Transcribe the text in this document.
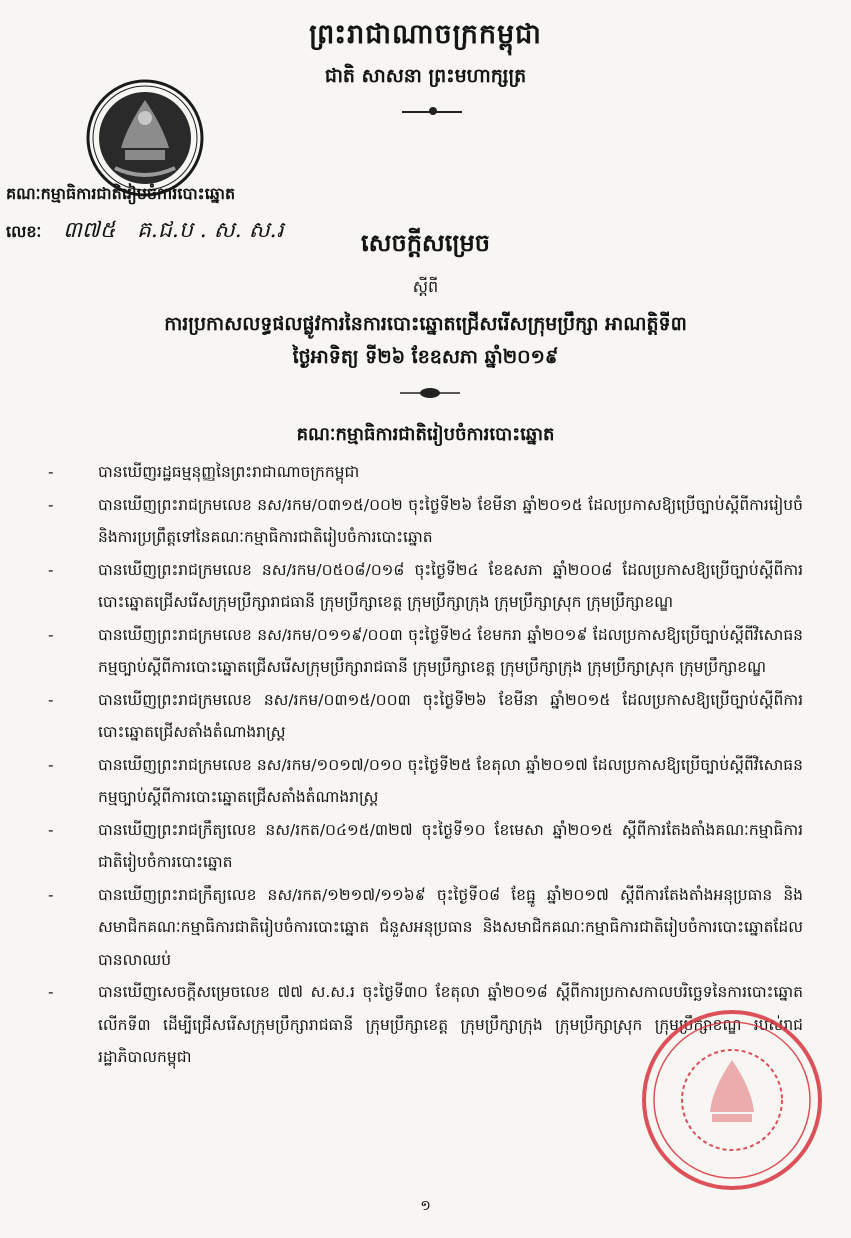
ព្រះរាជាណាចក្រកម្ពុជា
ជាតិ សាសនា ព្រះមហាក្សត្រ
គណៈកម្មាធិការជាតិរៀបចំការបោះឆ្នោត
លេខៈ ៣៧៥ គ.ជ.ប . ស. ស.រ	សេចក្ដីសម្រេច
ស្ដីពី
ការប្រកាសលទ្ធផលផ្លូវការនៃការបោះឆ្នោតជ្រើសរើសក្រុមប្រឹក្សា អាណត្តិទី៣
ថ្ងៃអាទិត្យ ទី២៦ ខែឧសភា ឆ្នាំ២០១៩
គណៈកម្មាធិការជាតិរៀបចំការបោះឆ្នោត
-	បានឃើញរដ្ឋធម្មនុញ្ញនៃព្រះរាជាណាចក្រកម្ពុជា
-	បានឃើញព្រះរាជក្រមលេខ នស/រកម/០៣១៥/០០២ ចុះថ្ងៃទី២៦ ខែមីនា ឆ្នាំ២០១៥ ដែលប្រកាសឱ្យប្រើច្បាប់ស្ដីពីការរៀបចំ និងការប្រព្រឹត្តទៅនៃគណៈកម្មាធិការជាតិរៀបចំការបោះឆ្នោត
-	បានឃើញព្រះរាជក្រមលេខ នស/រកម/០៥០៨/០១៨ ចុះថ្ងៃទី២៤ ខែឧសភា ឆ្នាំ២០០៨ ដែលប្រកាសឱ្យប្រើច្បាប់ស្ដីពីការបោះឆ្នោតជ្រើសរើសក្រុមប្រឹក្សារាជធានី ក្រុមប្រឹក្សាខេត្ត ក្រុមប្រឹក្សាក្រុង ក្រុមប្រឹក្សាស្រុក ក្រុមប្រឹក្សាខណ្ឌ
-	បានឃើញព្រះរាជក្រមលេខ នស/រកម/០១១៩/០០៣ ចុះថ្ងៃទី២៤ ខែមករា ឆ្នាំ២០១៩ ដែលប្រកាសឱ្យប្រើច្បាប់ស្ដីពីវិសោធនកម្មច្បាប់ស្ដីពីការបោះឆ្នោតជ្រើសរើសក្រុមប្រឹក្សារាជធានី ក្រុមប្រឹក្សាខេត្ត ក្រុមប្រឹក្សាក្រុង ក្រុមប្រឹក្សាស្រុក ក្រុមប្រឹក្សាខណ្ឌ
-	បានឃើញព្រះរាជក្រមលេខ នស/រកម/០៣១៥/០០៣ ចុះថ្ងៃទី២៦ ខែមីនា ឆ្នាំ២០១៥ ដែលប្រកាសឱ្យប្រើច្បាប់ស្ដីពីការបោះឆ្នោតជ្រើសតាំងតំណាងរាស្ត្រ
-	បានឃើញព្រះរាជក្រមលេខ នស/រកម/១០១៧/០១០ ចុះថ្ងៃទី២៥ ខែតុលា ឆ្នាំ២០១៧ ដែលប្រកាសឱ្យប្រើច្បាប់ស្ដីពីវិសោធនកម្មច្បាប់ស្ដីពីការបោះឆ្នោតជ្រើសតាំងតំណាងរាស្ត្រ
-	បានឃើញព្រះរាជក្រឹត្យលេខ នស/រកត/០៤១៥/៣២៧ ចុះថ្ងៃទី១០ ខែមេសា ឆ្នាំ២០១៥ ស្ដីពីការតែងតាំងគណៈកម្មាធិការជាតិរៀបចំការបោះឆ្នោត
-	បានឃើញព្រះរាជក្រឹត្យលេខ នស/រកត/១២១៧/១១៦៩ ចុះថ្ងៃទី០៨ ខែធ្នូ ឆ្នាំ២០១៧ ស្ដីពីការតែងតាំងអនុប្រធាន និងសមាជិកគណៈកម្មាធិការជាតិរៀបចំការបោះឆ្នោត ជំនួសអនុប្រធាន និងសមាជិកគណៈកម្មាធិការជាតិរៀបចំការបោះឆ្នោតដែលបានលាឈប់
-	បានឃើញសេចក្ដីសម្រេចលេខ ៧៧ ស.ស.រ ចុះថ្ងៃទី៣០ ខែតុលា ឆ្នាំ២០១៨ ស្ដីពីការប្រកាសកាលបរិច្ឆេទនៃការបោះឆ្នោតលើកទី៣ ដើម្បីជ្រើសរើសក្រុមប្រឹក្សារាជធានី ក្រុមប្រឹក្សាខេត្ត ក្រុមប្រឹក្សាក្រុង ក្រុមប្រឹក្សាស្រុក ក្រុមប្រឹក្សាខណ្ឌ របស់រាជរដ្ឋាភិបាលកម្ពុជា
១
